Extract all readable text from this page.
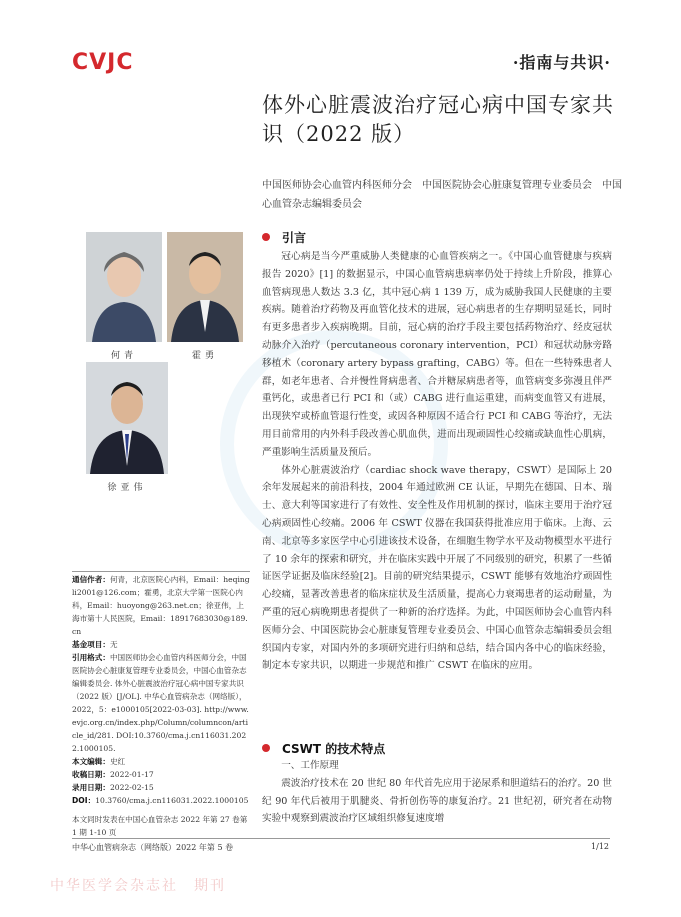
CVJC	·指南与共识·
体外心脏震波治疗冠心病中国专家共识（2022 版）
中国医师协会心血管内科医师分会　中国医院协会心脏康复管理专业委员会　中国心血管杂志编辑委员会
何青	霍勇
徐亚伟
引言

冠心病是当今严重威胁人类健康的心血管疾病之一。《中国心血管健康与疾病报告 2020》[1] 的数据显示，中国心血管病患病率仍处于持续上升阶段，推算心血管病现患人数达 3.3 亿，其中冠心病 1 139 万，成为威胁我国人民健康的主要疾病。随着治疗药物及再血管化技术的进展，冠心病患者的生存期明显延长，同时有更多患者步入疾病晚期。目前，冠心病的治疗手段主要包括药物治疗、经皮冠状动脉介入治疗（percutaneous coronary intervention，PCI）和冠状动脉旁路移植术（coronary artery bypass grafting，CABG）等。但在一些特殊患者人群，如老年患者、合并慢性肾病患者、合并糖尿病患者等，血管病变多弥漫且伴严重钙化，或患者已行 PCI 和（或）CABG 进行血运重建，而病变血管又有进展，出现狭窄或桥血管退行性变，或因各种原因不适合行 PCI 和 CABG 等治疗，无法用目前常用的内外科手段改善心肌血供，进而出现顽固性心绞痛或缺血性心肌病，严重影响生活质量及预后。

体外心脏震波治疗（cardiac shock wave therapy，CSWT）是国际上 20 余年发展起来的前沿科技，2004 年通过欧洲 CE 认证，早期先在德国、日本、瑞士、意大利等国家进行了有效性、安全性及作用机制的探讨，临床主要用于治疗冠心病顽固性心绞痛。2006 年 CSWT 仪器在我国获得批准应用于临床。上海、云南、北京等多家医学中心引进该技术设备，在细胞生物学水平及动物模型水平进行了 10 余年的探索和研究，并在临床实践中开展了不同级别的研究，积累了一些循证医学证据及临床经验[2]。目前的研究结果提示，CSWT 能够有效地治疗顽固性心绞痛，显著改善患者的临床症状及生活质量，提高心力衰竭患者的运动耐量，为严重的冠心病晚期患者提供了一种新的治疗选择。为此，中国医师协会心血管内科医师分会、中国医院协会心脏康复管理专业委员会、中国心血管杂志编辑委员会组织国内专家，对国内外的多项研究进行归纳和总结，结合国内各中心的临床经验，制定本专家共识，以期进一步规范和推广 CSWT 在临床的应用。

CSWT 的技术特点

一、工作原理

震波治疗技术在 20 世纪 80 年代首先应用于泌尿系和胆道结石的治疗。20 世纪 90 年代后被用于肌腱炎、骨折创伤等的康复治疗。21 世纪初，研究者在动物实验中观察到震波治疗区域组织修复速度增

通信作者：何青，北京医院心内科，Email：heqingli2001@126.com；霍勇，北京大学第一医院心内科，Email：huoyong@263.net.cn；徐亚伟，上海市第十人民医院，Email：18917683030@189.cn

基金项目：无

引用格式：中国医师协会心血管内科医师分会，中国医院协会心脏康复管理专业委员会，中国心血管杂志编辑委员会. 体外心脏震波治疗冠心病中国专家共识（2022 版）[J/OL]. 中华心血管病杂志（网络版），2022，5：e1000105[2022-03-03]. http://www.evjc.org.cn/index.php/Column/columncon/article_id/281. DOI:10.3760/cma.j.cn116031.2022.1000105.

本文编辑：史红

收稿日期：2022-01-17

录用日期：2022-02-15

DOI：10.3760/cma.j.cn116031.2022.1000105

本文同时发表在中国心血管杂志 2022 年第 27 卷第 1 期 1-10 页

中华心血管病杂志（网络版）2022 年第 5 卷	1/12
中华医学会杂志社　期刊
